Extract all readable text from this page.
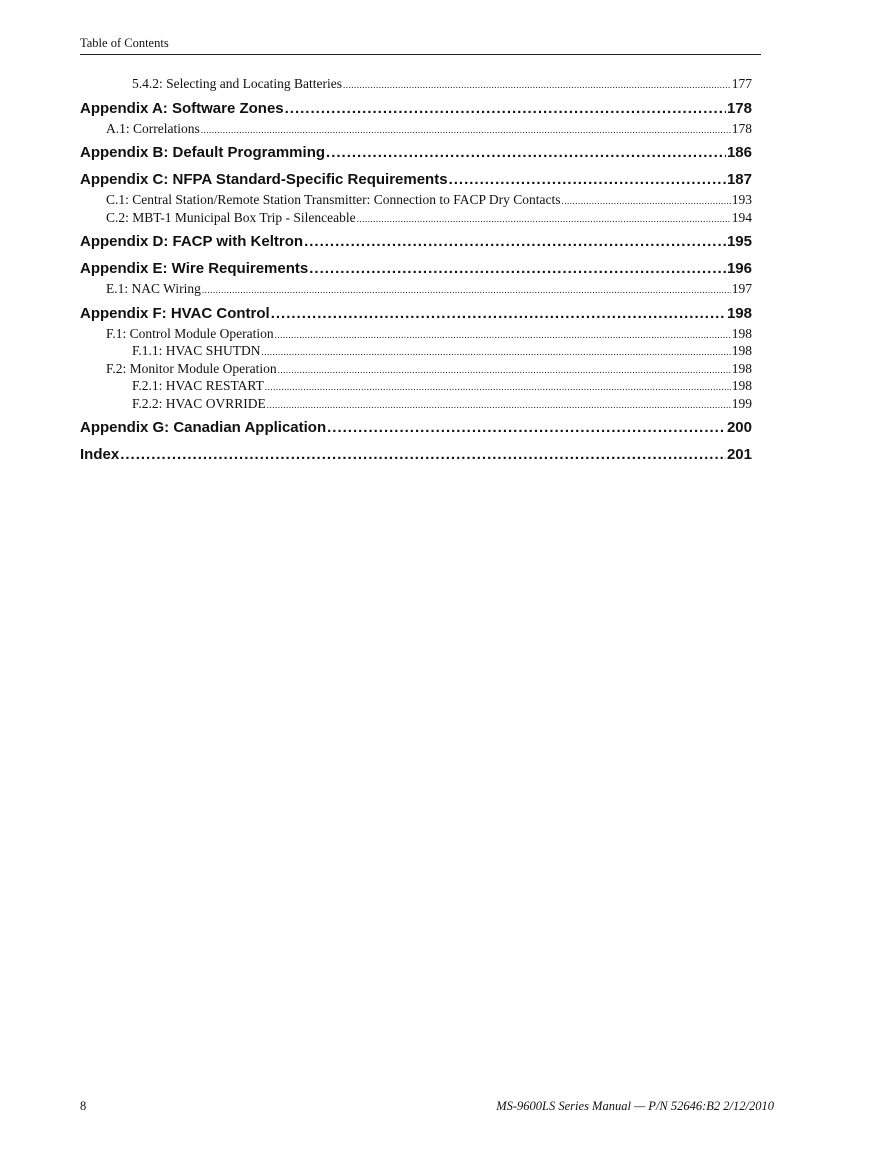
Table of Contents
5.4.2: Selecting and Locating Batteries .....	177
Appendix A: Software Zones .....	178
A.1: Correlations .....	178
Appendix B: Default Programming .....	186
Appendix C: NFPA Standard-Specific Requirements .....	187
C.1: Central Station/Remote Station Transmitter: Connection to FACP Dry Contacts .....	193
C.2: MBT-1 Municipal Box Trip - Silenceable .....	194
Appendix D: FACP with Keltron .....	195
Appendix E: Wire Requirements .....	196
E.1: NAC Wiring .....	197
Appendix F: HVAC Control .....	198
F.1: Control Module Operation .....	198
F.1.1: HVAC SHUTDN .....	198
F.2: Monitor Module Operation .....	198
F.2.1: HVAC RESTART .....	198
F.2.2: HVAC OVRRIDE .....	199
Appendix G: Canadian Application .....	200
Index .....	201
8	MS-9600LS Series Manual — P/N 52646:B2 2/12/2010
